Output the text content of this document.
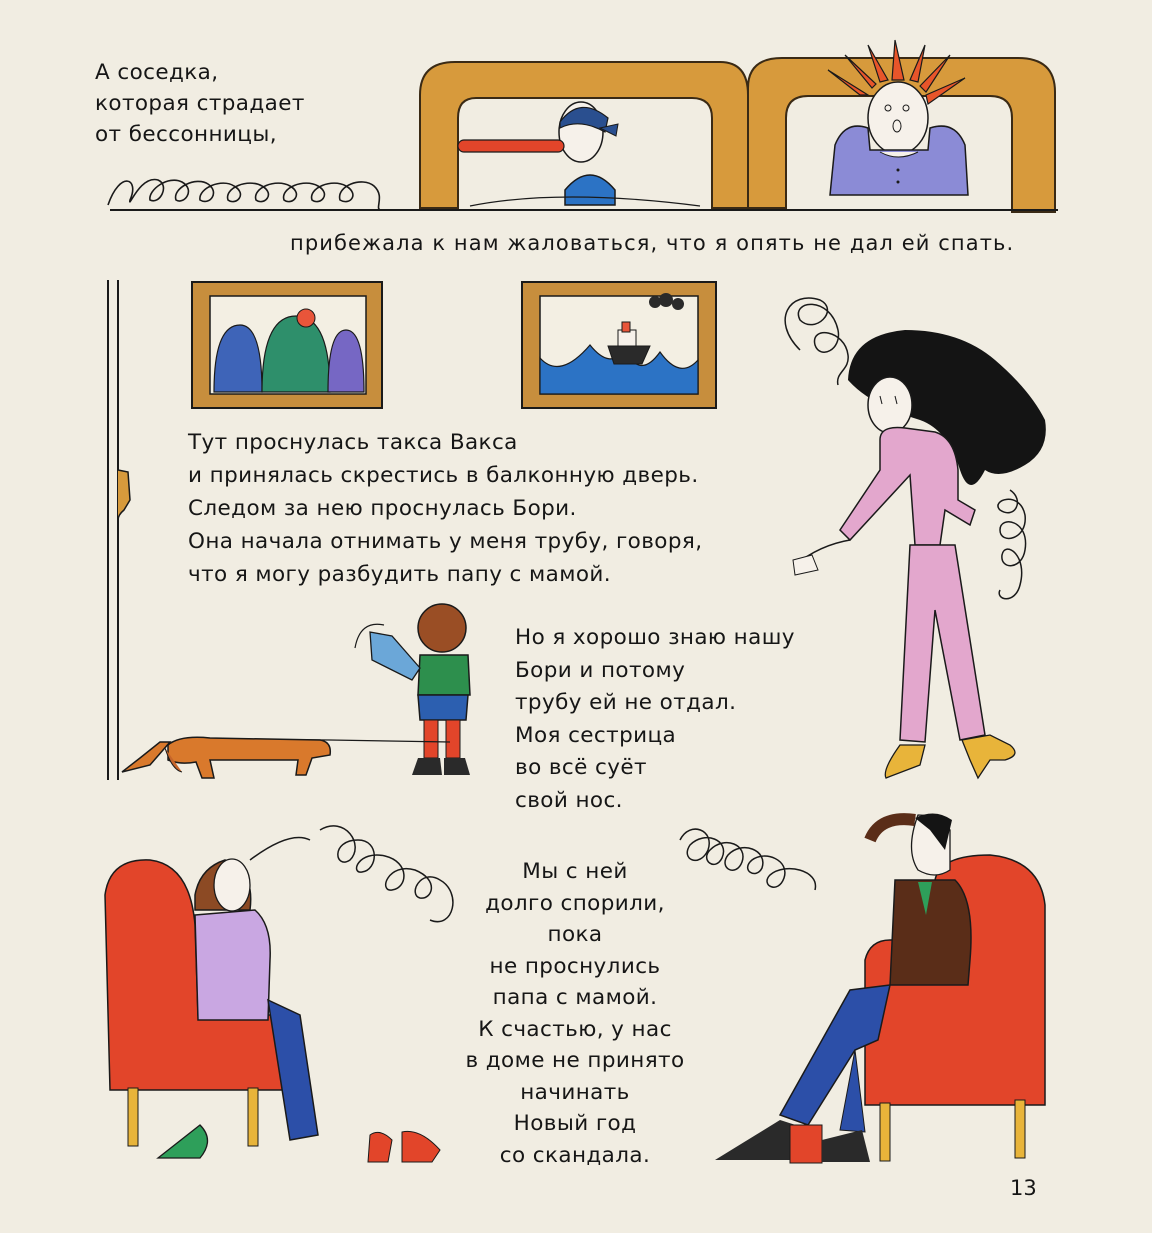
А соседка,
которая страдает
от бессонницы,
прибежала к нам жаловаться, что я опять не дал ей спать.
Тут проснулась такса Вакса
и принялась скрестись в балконную дверь.
Следом за нею проснулась Бори.
Она начала отнимать у меня трубу, говоря,
что я могу разбудить папу с мамой.
Но я хорошо знаю нашу
Бори и потому
трубу ей не отдал.
Моя сестрица
во всё суёт
свой нос.
Мы с ней
долго спорили,
пока
не проснулись
папа с мамой.
К счастью, у нас
в доме не принято
начинать
Новый год
со скандала.
13
